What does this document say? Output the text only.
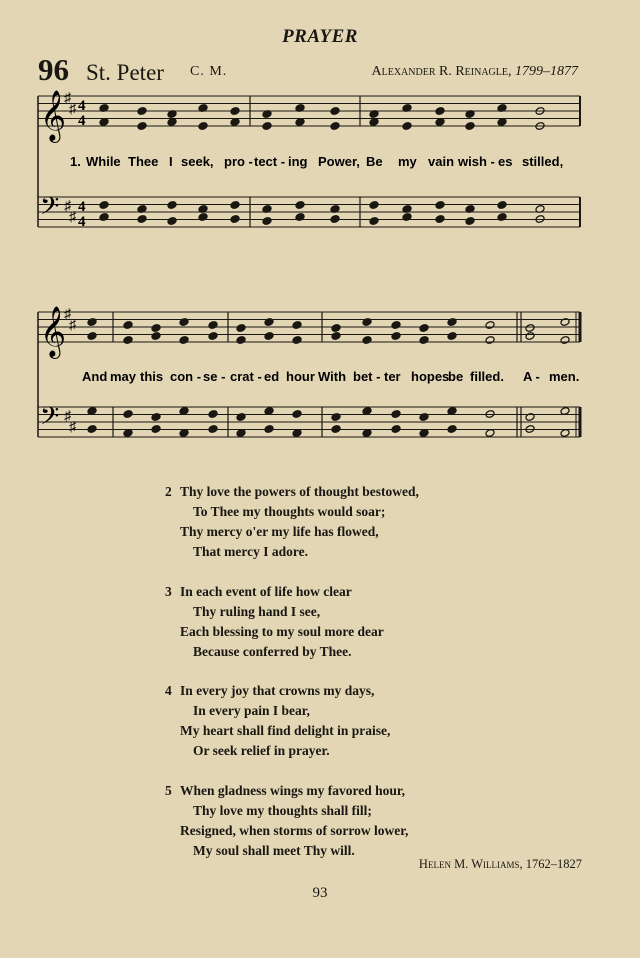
PRAYER
96 St. Peter C. M.	Alexander R. Reinagle, 1799–1877
𝄞
♯
♯
𝄢 ♯
♯
4
4
4
4
𝄞
♯
♯
𝄢 ♯
♯
1. While Thee I seek, pro - tect - ing Power, Be my vain wish - es stilled,
And may this con - se - crat - ed hour With bet - ter hopes
be filled. A - men.
2 Thy love the powers of thought bestowed,
To Thee my thoughts would soar;
Thy mercy o'er my life has flowed,
That mercy I adore.
3 In each event of life how clear
Thy ruling hand I see,
Each blessing to my soul more dear
Because conferred by Thee.
4 In every joy that crowns my days,
In every pain I bear,
My heart shall find delight in praise,
Or seek relief in prayer.
5 When gladness wings my favored hour,
Thy love my thoughts shall fill;
Resigned, when storms of sorrow lower,
My soul shall meet Thy will.
Helen M. Williams, 1762–1827
93
